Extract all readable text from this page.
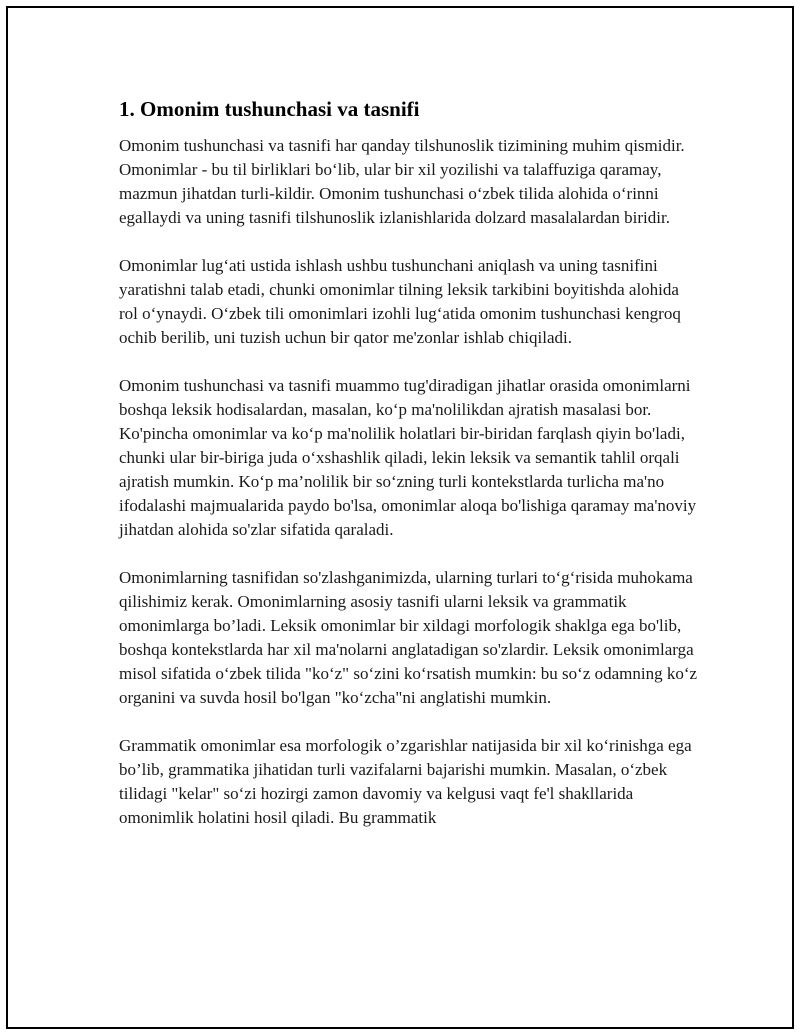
1. Omonim tushunchasi va tasnifi

Omonim tushunchasi va tasnifi har qanday tilshunoslik tizimining muhim qismidir. Omonimlar - bu til birliklari bo‘lib, ular bir xil yozilishi va talaffuziga qaramay, mazmun jihatdan turli-kildir. Omonim tushunchasi o‘zbek tilida alohida o‘rinni egallaydi va uning tasnifi tilshunoslik izlanishlarida dolzard masalalardan biridir.

Omonimlar lug‘ati ustida ishlash ushbu tushunchani aniqlash va uning tasnifini yaratishni talab etadi, chunki omonimlar tilning leksik tarkibini boyitishda alohida rol o‘ynaydi. O‘zbek tili omonimlari izohli lug‘atida omonim tushunchasi kengroq ochib berilib, uni tuzish uchun bir qator me'zonlar ishlab chiqiladi.

Omonim tushunchasi va tasnifi muammo tug'diradigan jihatlar orasida omonimlarni boshqa leksik hodisalardan, masalan, ko‘p ma'nolilikdan ajratish masalasi bor. Ko'pincha omonimlar va ko‘p ma'nolilik holatlari bir-biridan farqlash qiyin bo'ladi, chunki ular bir-biriga juda o‘xshashlik qiladi, lekin leksik va semantik tahlil orqali ajratish mumkin. Ko‘p ma’nolilik bir so‘zning turli kontekstlarda turlicha ma'no ifodalashi majmualarida paydo bo'lsa, omonimlar aloqa bo'lishiga qaramay ma'noviy jihatdan alohida so'zlar sifatida qaraladi.

Omonimlarning tasnifidan so'zlashganimizda, ularning turlari to‘g‘risida muhokama qilishimiz kerak. Omonimlarning asosiy tasnifi ularni leksik va grammatik omonimlarga bo’ladi. Leksik omonimlar bir xildagi morfologik shaklga ega bo'lib, boshqa kontekstlarda har xil ma'nolarni anglatadigan so'zlardir. Leksik omonimlarga misol sifatida o‘zbek tilida "ko‘z" so‘zini ko‘rsatish mumkin: bu so‘z odamning ko‘z organini va suvda hosil bo'lgan "ko‘zcha"ni anglatishi mumkin.

Grammatik omonimlar esa morfologik o’zgarishlar natijasida bir xil ko‘rinishga ega bo’lib, grammatika jihatidan turli vazifalarni bajarishi mumkin. Masalan, o‘zbek tilidagi "kelar" so‘zi hozirgi zamon davomiy va kelgusi vaqt fe'l shakllarida omonimlik holatini hosil qiladi. Bu grammatik
